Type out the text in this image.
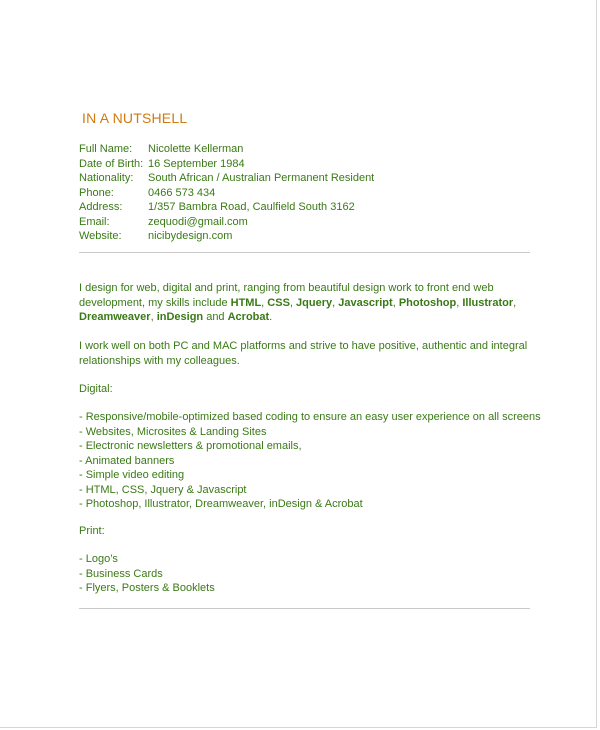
IN A NUTSHELL
Full Name: Nicolette Kellerman
Date of Birth: 16 September 1984
Nationality: South African / Australian Permanent Resident
Phone:	0466 573 434
Address: 1/357 Bambra Road, Caulfield South 3162
Email:	zequodi@gmail.com
Website: nicibydesign.com

I design for web, digital and print, ranging from beautiful design work to front end web development, my skills include HTML, CSS, Jquery, Javascript, Photoshop, Illustrator, Dreamweaver, inDesign and Acrobat.

I work well on both PC and MAC platforms and strive to have positive, authentic and integral relationships with my colleagues.

Digital:
- Responsive/mobile-optimized based coding to ensure an easy user experience on all screens
- Websites, Microsites & Landing Sites
- Electronic newsletters & promotional emails,
- Animated banners
- Simple video editing
- HTML, CSS, Jquery & Javascript
- Photoshop, Illustrator, Dreamweaver, inDesign & Acrobat
Print:
- Logo’s
- Business Cards
- Flyers, Posters & Booklets
